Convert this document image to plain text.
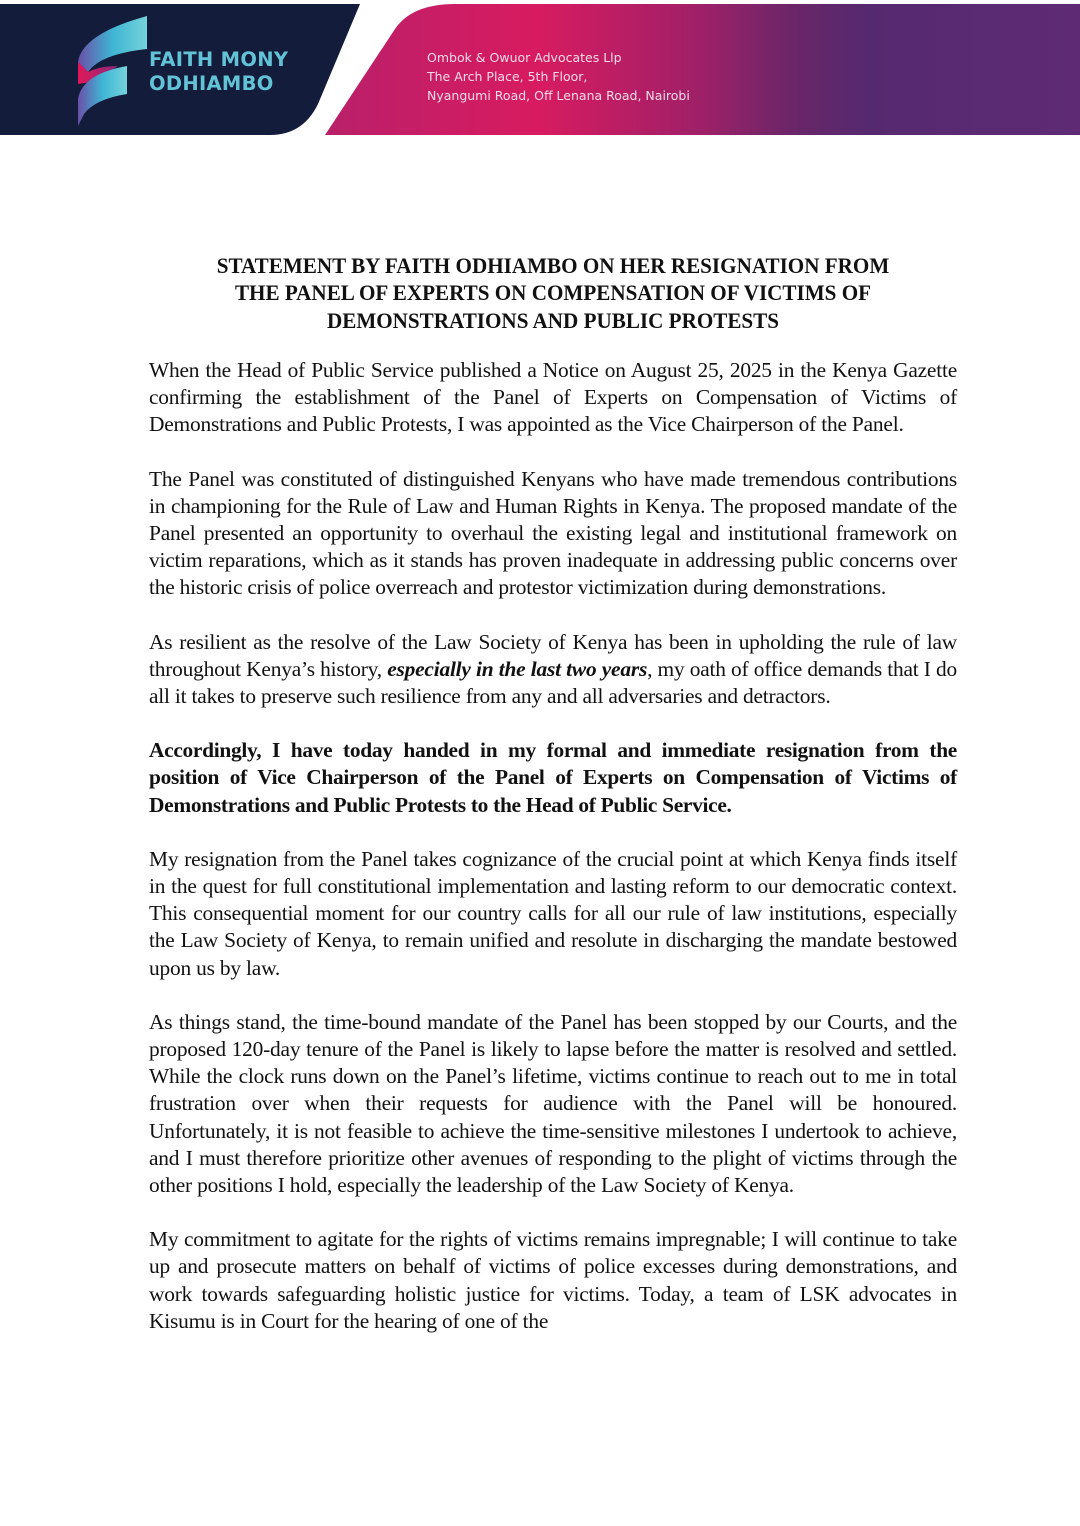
FAITH MONY
ODHIAMBO
Ombok & Owuor Advocates Llp
The Arch Place, 5th Floor,
Nyangumi Road, Off Lenana Road, Nairobi
STATEMENT BY FAITH ODHIAMBO ON HER RESIGNATION FROM
THE PANEL OF EXPERTS ON COMPENSATION OF VICTIMS OF
DEMONSTRATIONS AND PUBLIC PROTESTS

When the Head of Public Service published a Notice on August 25, 2025 in the Kenya Gazette confirming the establishment of the Panel of Experts on Compensation of Victims of Demonstrations and Public Protests, I was appointed as the Vice Chairperson of the Panel.

The Panel was constituted of distinguished Kenyans who have made tremendous contributions in championing for the Rule of Law and Human Rights in Kenya. The proposed mandate of the Panel presented an opportunity to overhaul the existing legal and institutional framework on victim reparations, which as it stands has proven inadequate in addressing public concerns over the historic crisis of police overreach and protestor victimization during demonstrations.

As resilient as the resolve of the Law Society of Kenya has been in upholding the rule of law throughout Kenya’s history, especially in the last two years, my oath of office demands that I do all it takes to preserve such resilience from any and all adversaries and detractors.

Accordingly, I have today handed in my formal and immediate resignation from the position of Vice Chairperson of the Panel of Experts on Compensation of Victims of Demonstrations and Public Protests to the Head of Public Service.

My resignation from the Panel takes cognizance of the crucial point at which Kenya finds itself in the quest for full constitutional implementation and lasting reform to our democratic context. This consequential moment for our country calls for all our rule of law institutions, especially the Law Society of Kenya, to remain unified and resolute in discharging the mandate bestowed upon us by law.

As things stand, the time-bound mandate of the Panel has been stopped by our Courts, and the proposed 120-day tenure of the Panel is likely to lapse before the matter is resolved and settled. While the clock runs down on the Panel’s lifetime, victims continue to reach out to me in total frustration over when their requests for audience with the Panel will be honoured. Unfortunately, it is not feasible to achieve the time-sensitive milestones I undertook to achieve, and I must therefore prioritize other avenues of responding to the plight of victims through the other positions I hold, especially the leadership of the Law Society of Kenya.

My commitment to agitate for the rights of victims remains impregnable; I will continue to take up and prosecute matters on behalf of victims of police excesses during demonstrations, and work towards safeguarding holistic justice for victims. Today, a team of LSK advocates in Kisumu is in Court for the hearing of one of the
